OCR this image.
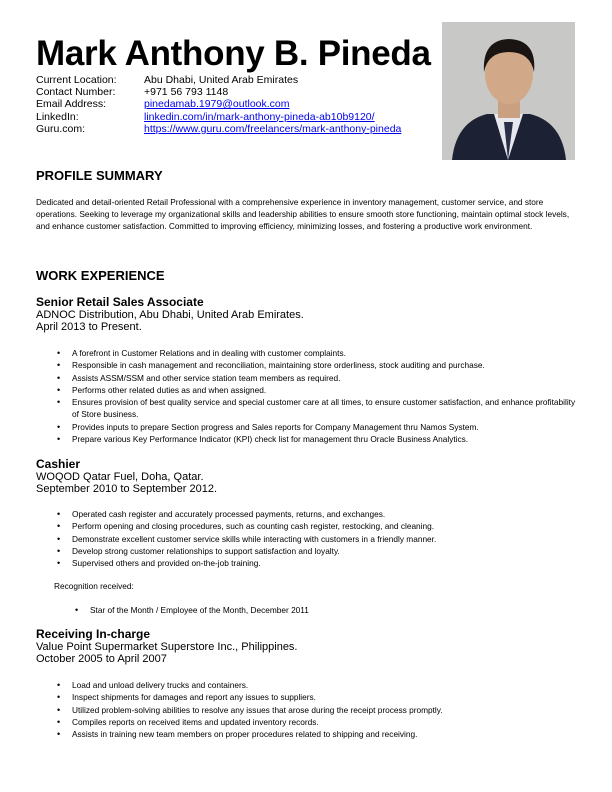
Mark Anthony B. Pineda
Current Location:	Abu Dhabi, United Arab Emirates
Contact Number:	+971 56 793 1148
Email Address:	pinedamab.1979@outlook.com
LinkedIn:	linkedin.com/in/mark-anthony-pineda-ab10b9120/
Guru.com:	https://www.guru.com/freelancers/mark-anthony-pineda
PROFILE SUMMARY
Dedicated and detail-oriented Retail Professional with a comprehensive experience in inventory management, customer service, and store operations. Seeking to leverage my organizational skills and leadership abilities to ensure smooth store functioning, maintain optimal stock levels, and enhance customer satisfaction. Committed to improving efficiency, minimizing losses, and fostering a productive work environment.
WORK EXPERIENCE
Senior Retail Sales Associate
ADNOC Distribution, Abu Dhabi, United Arab Emirates.
April 2013 to Present.
• A forefront in Customer Relations and in dealing with customer complaints.
• Responsible in cash management and reconciliation, maintaining store orderliness, stock auditing and purchase.
• Assists ASSM/SSM and other service station team members as required.
• Performs other related duties as and when assigned.
• Ensures provision of best quality service and special customer care at all times, to ensure customer satisfaction, and enhance profitability of Store business.
• Provides inputs to prepare Section progress and Sales reports for Company Management thru Namos System.
• Prepare various Key Performance Indicator (KPI) check list for management thru Oracle Business Analytics.
Cashier
WOQOD Qatar Fuel, Doha, Qatar.
September 2010 to September 2012.
• Operated cash register and accurately processed payments, returns, and exchanges.
• Perform opening and closing procedures, such as counting cash register, restocking, and cleaning.
• Demonstrate excellent customer service skills while interacting with customers in a friendly manner.
• Develop strong customer relationships to support satisfaction and loyalty.
• Supervised others and provided on-the-job training.
Recognition received:
• Star of the Month / Employee of the Month, December 2011
Receiving In-charge
Value Point Supermarket Superstore Inc., Philippines.
October 2005 to April 2007
• Load and unload delivery trucks and containers.
• Inspect shipments for damages and report any issues to suppliers.
• Utilized problem-solving abilities to resolve any issues that arose during the receipt process promptly.
• Compiles reports on received items and updated inventory records.
• Assists in training new team members on proper procedures related to shipping and receiving.
